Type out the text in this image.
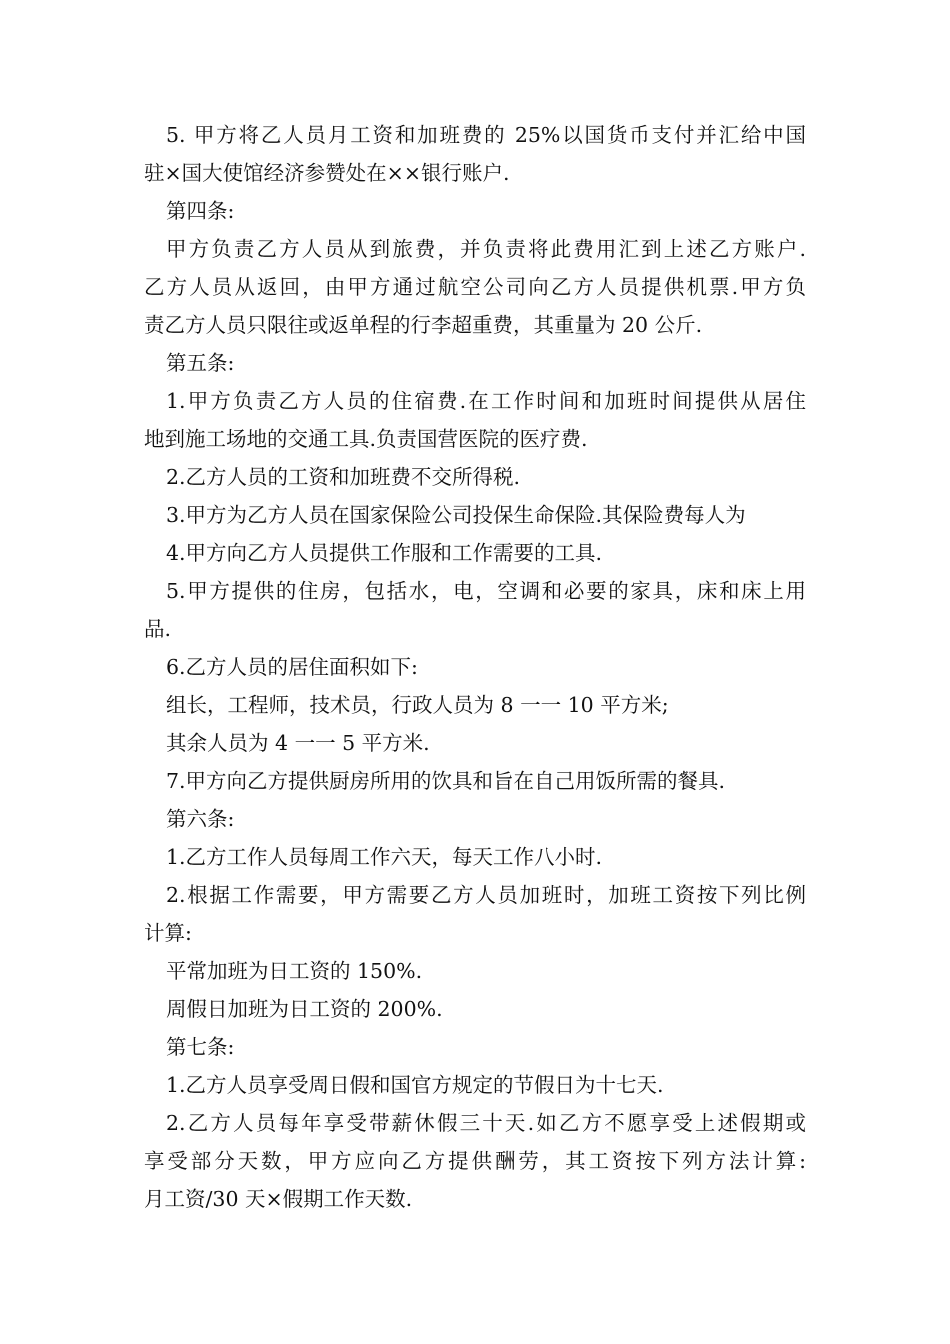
5. 甲方将乙人员月工资和加班费的 25%以国货币支付并汇给中国
驻×国大使馆经济参赞处在××银行账户.
第四条:
甲方负责乙方人员从到旅费，并负责将此费用汇到上述乙方账户.
乙方人员从返回，由甲方通过航空公司向乙方人员提供机票.甲方负
责乙方人员只限往或返单程的行李超重费，其重量为 20 公斤.
第五条:
1.甲方负责乙方人员的住宿费.在工作时间和加班时间提供从居住
地到施工场地的交通工具.负责国营医院的医疗费.
2.乙方人员的工资和加班费不交所得税.
3.甲方为乙方人员在国家保险公司投保生命保险.其保险费每人为
4.甲方向乙方人员提供工作服和工作需要的工具.
5.甲方提供的住房，包括水，电，空调和必要的家具，床和床上用
品.
6.乙方人员的居住面积如下:
组长，工程师，技术员，行政人员为 8 一一 10 平方米;
其余人员为 4 一一 5 平方米.
7.甲方向乙方提供厨房所用的饮具和旨在自己用饭所需的餐具.
第六条:
1.乙方工作人员每周工作六天，每天工作八小时.
2.根据工作需要，甲方需要乙方人员加班时，加班工资按下列比例
计算:
平常加班为日工资的 150%.
周假日加班为日工资的 200%.
第七条:
1.乙方人员享受周日假和国官方规定的节假日为十七天.
2.乙方人员每年享受带薪休假三十天.如乙方不愿享受上述假期或
享受部分天数，甲方应向乙方提供酬劳，其工资按下列方法计算:
月工资/30 天×假期工作天数.
